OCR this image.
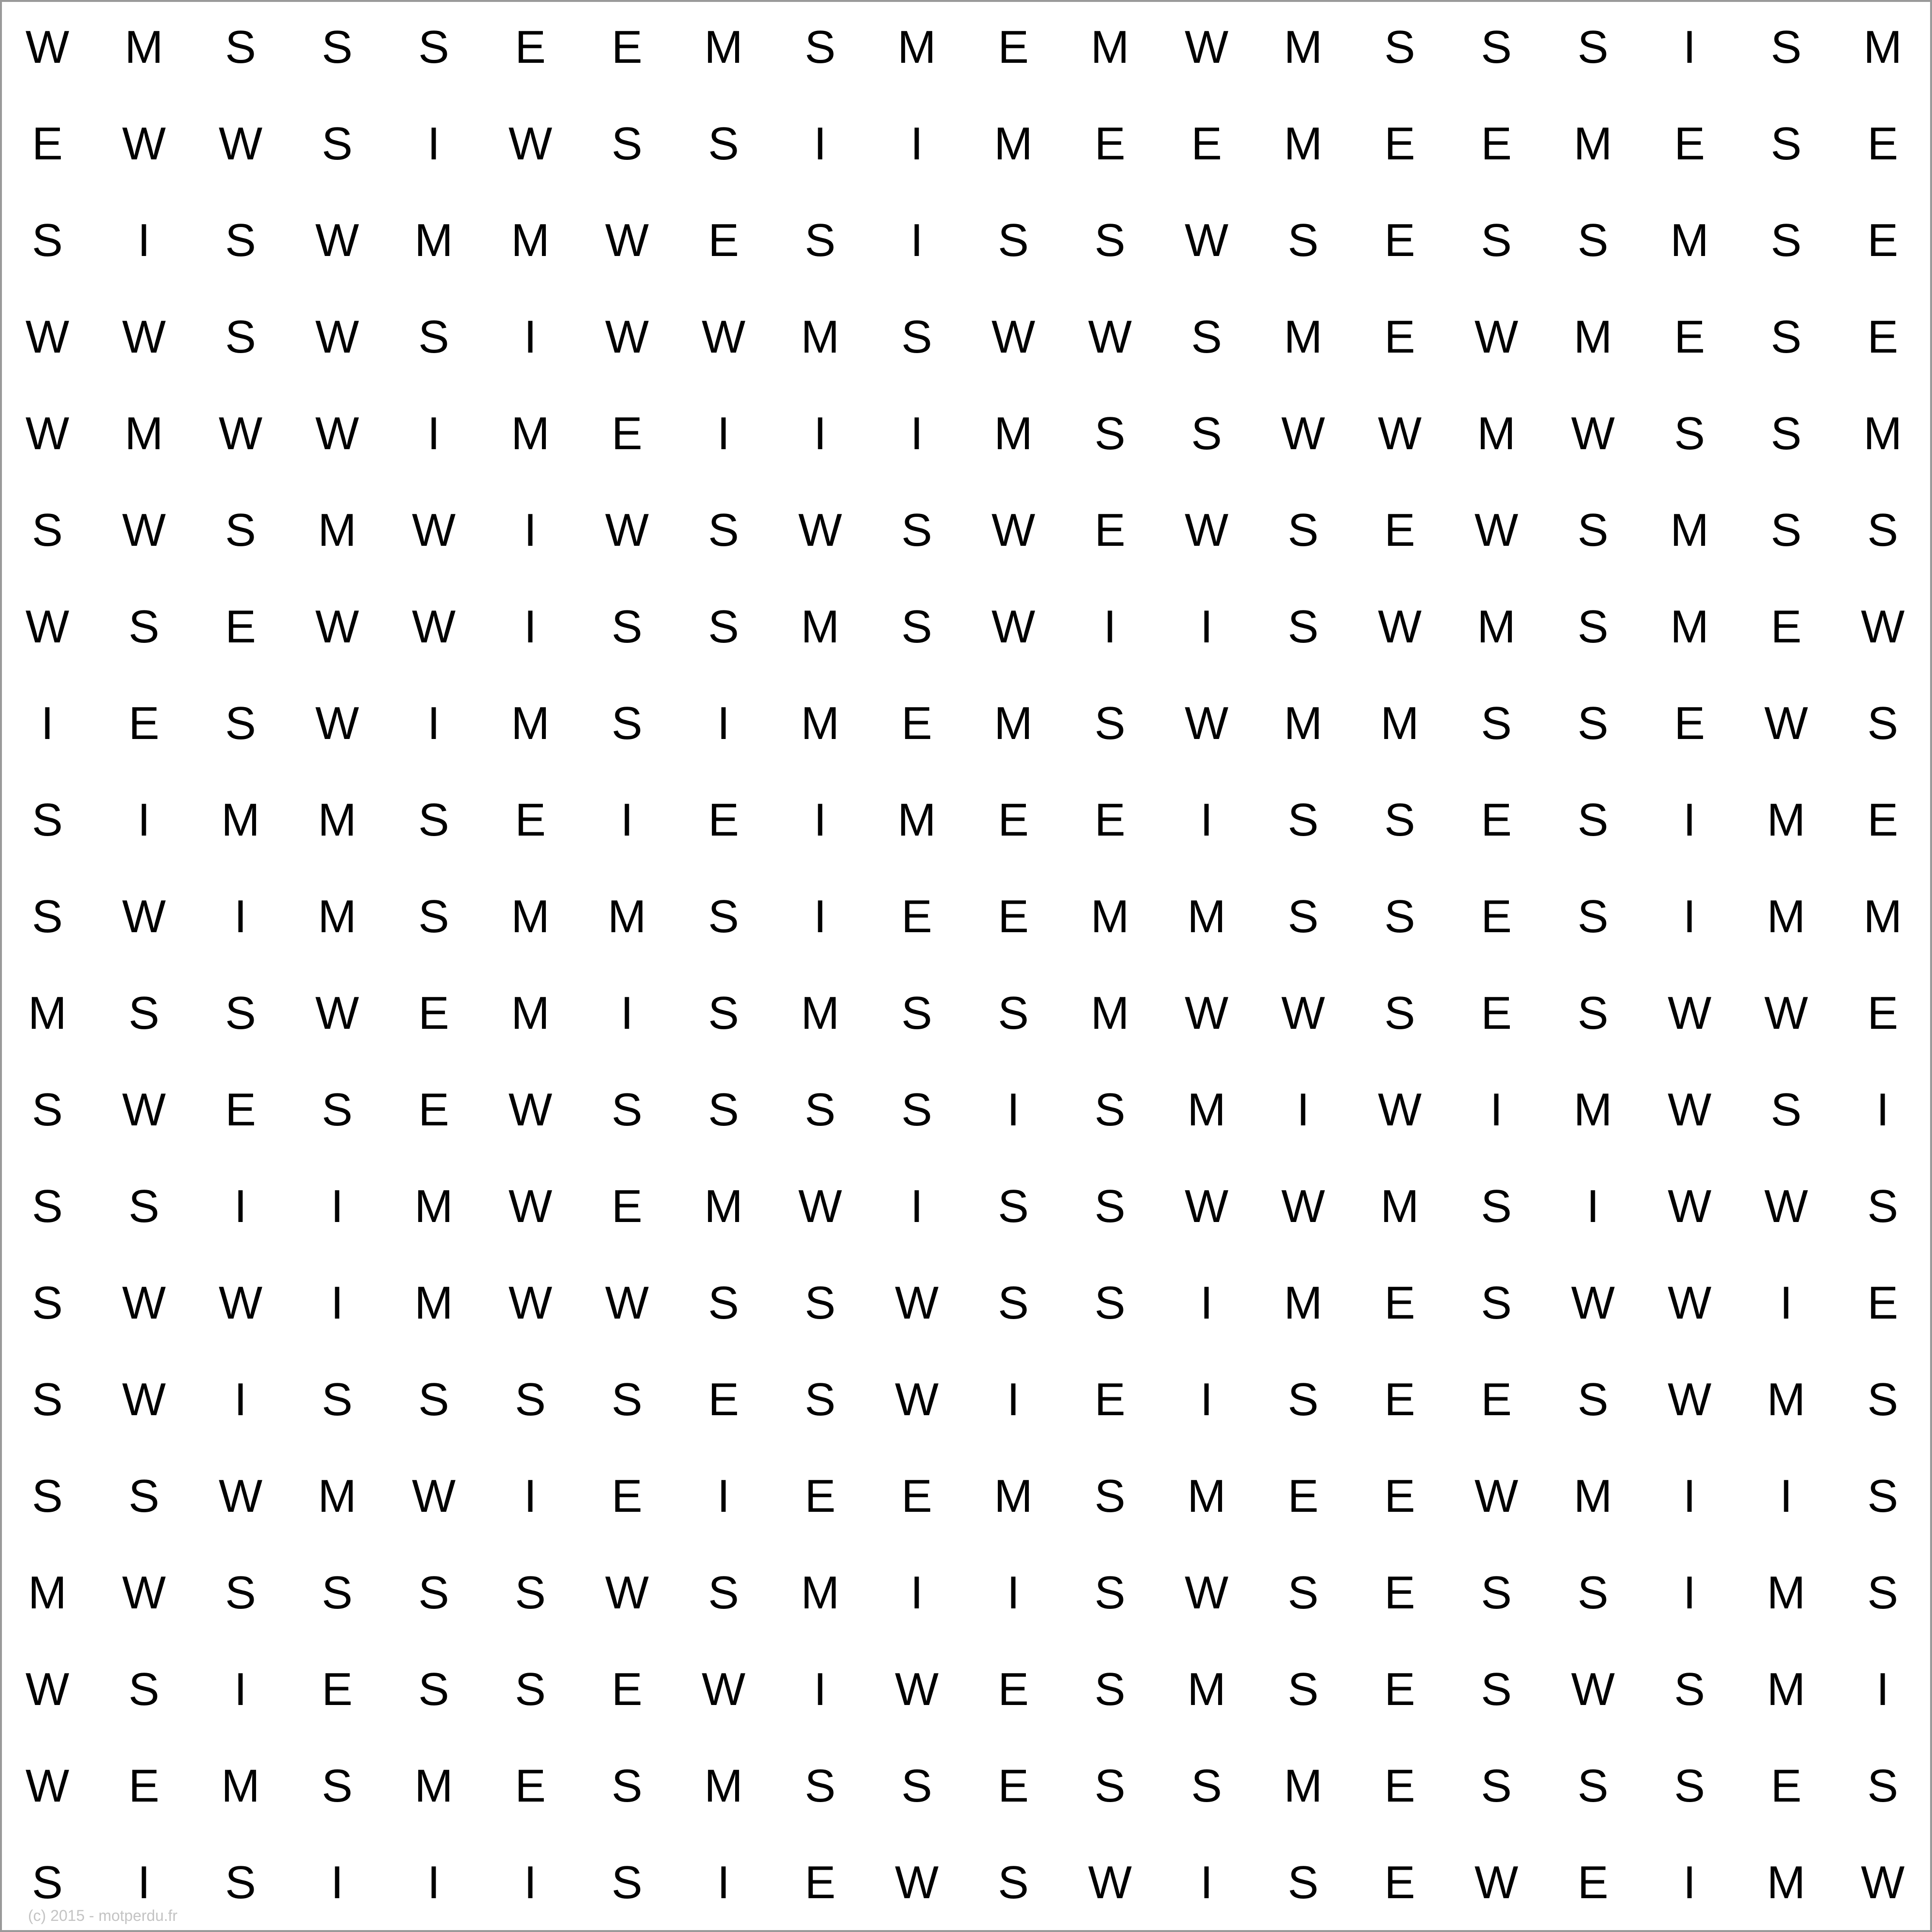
W	M	S	S	S	E	E	M	S	M	E	M	W	M	S	S	S	I	S	M
E	W	W	S	I	W	S	S	I	I	M	E	E	M	E	E	M	E	S	E
S	I	S	W	M	M	W	E	S	I	S	S	W	S	E	S	S	M	S	E
W	W	S	W	S	I	W	W	M	S	W	W	S	M	E	W	M	E	S	E
W	M	W	W	I	M	E	I	I	I	M	S	S	W	W	M	W	S	S	M
S	W	S	M	W	I	W	S	W	S	W	E	W	S	E	W	S	M	S	S
W	S	E	W	W	I	S	S	M	S	W	I	I	S	W	M	S	M	E	W
I	E	S	W	I	M	S	I	M	E	M	S	W	M	M	S	S	E	W	S
S	I	M	M	S	E	I	E	I	M	E	E	I	S	S	E	S	I	M	E
S	W	I	M	S	M	M	S	I	E	E	M	M	S	S	E	S	I	M	M
M	S	S	W	E	M	I	S	M	S	S	M	W	W	S	E	S	W	W	E
S	W	E	S	E	W	S	S	S	S	I	S	M	I	W	I	M	W	S	I
S	S	I	I	M	W	E	M	W	I	S	S	W	W	M	S	I	W	W	S
S	W	W	I	M	W	W	S	S	W	S	S	I	M	E	S	W	W	I	E
S	W	I	S	S	S	S	E	S	W	I	E	I	S	E	E	S	W	M	S
S	S	W	M	W	I	E	I	E	E	M	S	M	E	E	W	M	I	I	S
M	W	S	S	S	S	W	S	M	I	I	S	W	S	E	S	S	I	M	S
W	S	I	E	S	S	E	W	I	W	E	S	M	S	E	S	W	S	M	I
W	E	M	S	M	E	S	M	S	S	E	S	S	M	E	S	S	S	E	S
S	I	S	I	I	I	S	I	E	W	S	W	I	S	E	W	E	I	M	W
(c) 2015 - motperdu.fr
